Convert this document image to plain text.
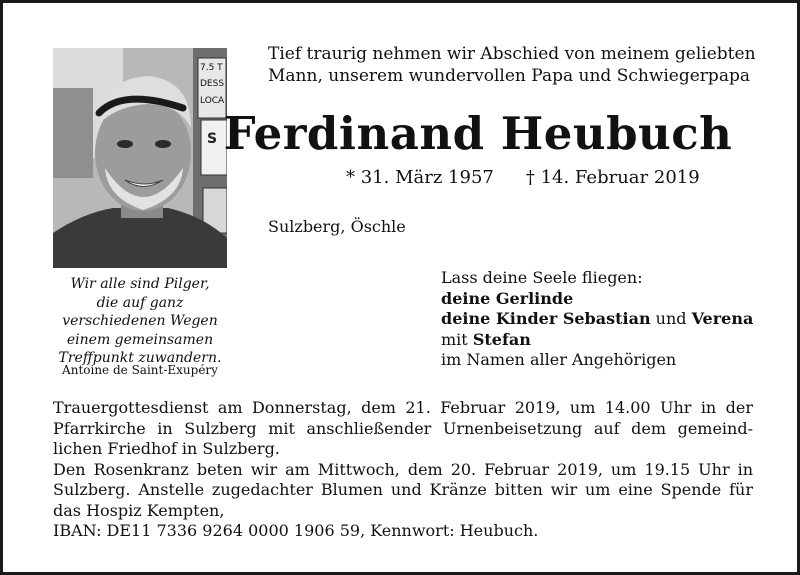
7.5 T
DESS
LOCA
S
Wir alle sind Pilger,
die auf ganz
verschiedenen Wegen
einem gemeinsamen
Treffpunkt zuwandern.
Antoine de Saint-Exupéry
Tief traurig nehmen wir Abschied von meinem geliebten
Mann, unserem wundervollen Papa und Schwiegerpapa
Ferdinand Heubuch
* 31. März 1957 † 14. Februar 2019
Sulzberg, Öschle
Lass deine Seele fliegen:
deine Gerlinde
deine Kinder Sebastian und Verena
mit Stefan
im Namen aller Angehörigen
Trauergottesdienst am Donnerstag, dem 21. Februar 2019, um 14.00 Uhr in der
Pfarrkirche in Sulzberg mit anschließender Urnenbeisetzung auf dem gemeind-
lichen Friedhof in Sulzberg.
Den Rosenkranz beten wir am Mittwoch, dem 20. Februar 2019, um 19.15 Uhr in
Sulzberg. Anstelle zugedachter Blumen und Kränze bitten wir um eine Spende für
das Hospiz Kempten,
IBAN: DE11 7336 9264 0000 1906 59, Kennwort: Heubuch.
